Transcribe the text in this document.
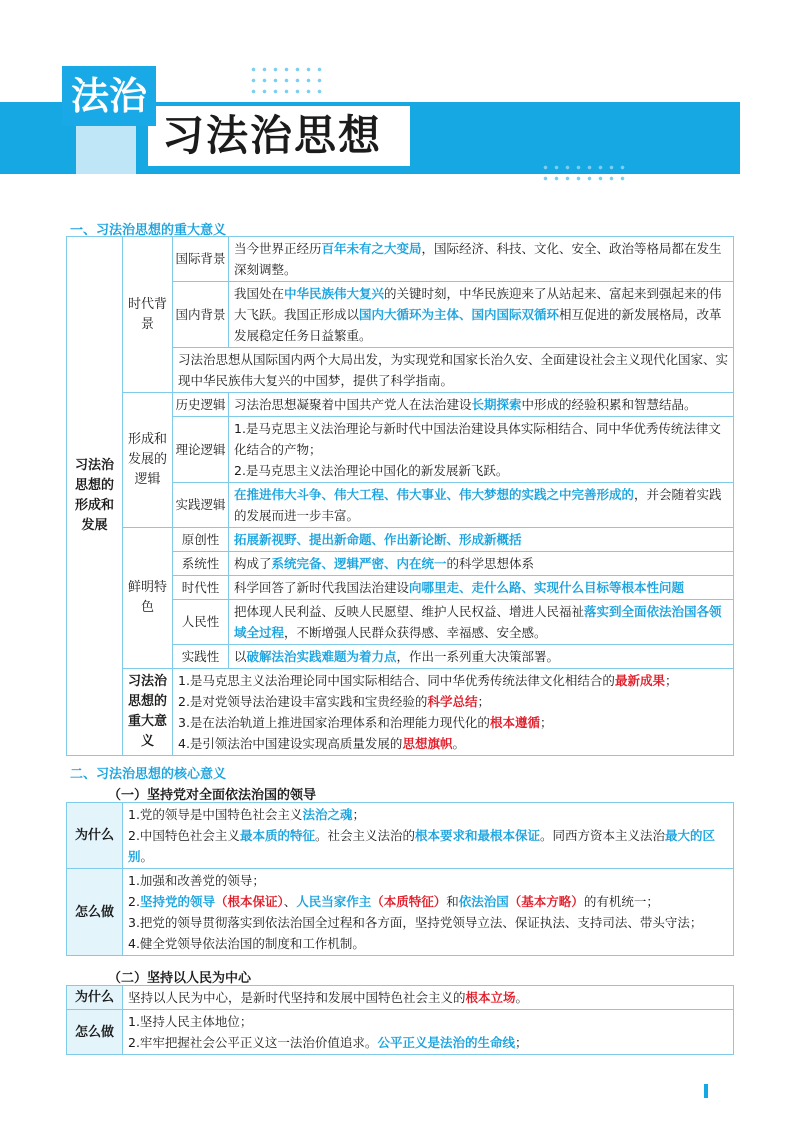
法治
习法治思想
一、习法治思想的重大意义
习法治思想的形成和发展	时代背景	国际背景	当今世界正经历百年未有之大变局，国际经济、科技、文化、安全、政治等格局都在发生深刻调整。
		国内背景	我国处在中华民族伟大复兴的关键时刻，中华民族迎来了从站起来、富起来到强起来的伟大飞跃。我国正形成以国内大循环为主体、国内国际双循环相互促进的新发展格局，改革发展稳定任务日益繁重。
		习法治思想从国际国内两个大局出发，为实现党和国家长治久安、全面建设社会主义现代化国家、实现中华民族伟大复兴的中国梦，提供了科学指南。	
	形成和发展的逻辑	历史逻辑	习法治思想凝聚着中国共产党人在法治建设长期探索中形成的经验积累和智慧结晶。
		理论逻辑	1.是马克思主义法治理论与新时代中国法治建设具体实际相结合、同中华优秀传统法律文化结合的产物；
2.是马克思主义法治理论中国化的新发展新飞跃。

		实践逻辑	在推进伟大斗争、伟大工程、伟大事业、伟大梦想的实践之中完善形成的，并会随着实践的发展而进一步丰富。
	鲜明特色	原创性	拓展新视野、提出新命题、作出新论断、形成新概括
		系统性	构成了系统完备、逻辑严密、内在统一的科学思想体系
		时代性	科学回答了新时代我国法治建设向哪里走、走什么路、实现什么目标等根本性问题
		人民性	把体现人民利益、反映人民愿望、维护人民权益、增进人民福祉落实到全面依法治国各领域全过程，不断增强人民群众获得感、幸福感、安全感。
		实践性	以破解法治实践难题为着力点，作出一系列重大决策部署。
	习法治思想的重大意义	1.是马克思主义法治理论同中国实际相结合、同中华优秀传统法律文化相结合的最新成果；
2.是对党领导法治建设丰富实践和宝贵经验的科学总结；
3.是在法治轨道上推进国家治理体系和治理能力现代化的根本遵循；
4.是引领法治中国建设实现高质量发展的思想旗帜。	
二、习法治思想的核心意义
（一）坚持党对全面依法治国的领导
为什么	1.党的领导是中国特色社会主义法治之魂；
2.中国特色社会主义最本质的特征。社会主义法治的根本要求和最根本保证。同西方资本主义法治最大的区别。

怎么做	1.加强和改善党的领导；
2.坚持党的领导（根本保证）、人民当家作主（本质特征）和依法治国（基本方略）的有机统一；
3.把党的领导贯彻落实到依法治国全过程和各方面，坚持党领导立法、保证执法、支持司法、带头守法；
4.健全党领导依法治国的制度和工作机制。
（二）坚持以人民为中心
为什么	坚持以人民为中心，是新时代坚持和发展中国特色社会主义的根本立场。
怎么做	1.坚持人民主体地位；
2.牢牢把握社会公平正义这一法治价值追求。公平正义是法治的生命线；
